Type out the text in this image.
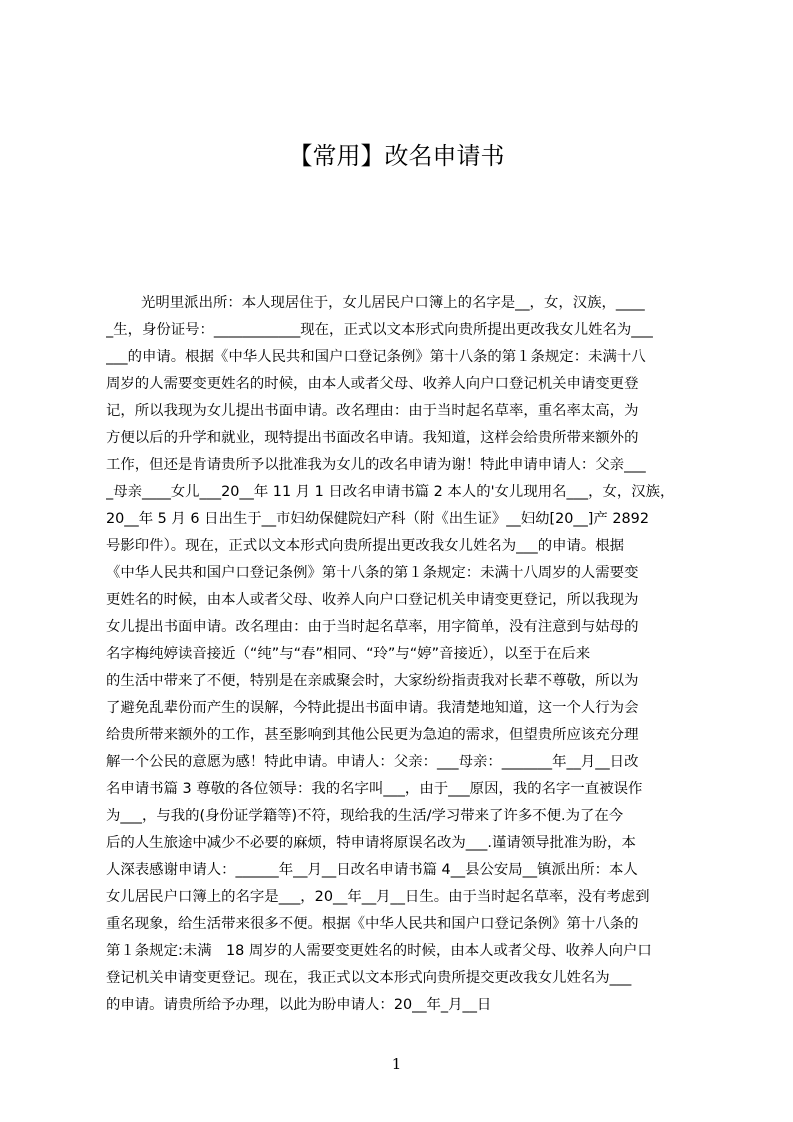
【常用】改名申请书
光明里派出所：本人现居住于，女儿居民户口簿上的名字是__，女，汉族，____
_生，身份证号：____________现在，正式以文本形式向贵所提出更改我女儿姓名为___
___的申请。根据《中华人民共和国户口登记条例》第十八条的第１条规定：未满十八
周岁的人需要变更姓名的时候，由本人或者父母、收养人向户口登记机关申请变更登
记，所以我现为女儿提出书面申请。改名理由：由于当时起名草率，重名率太高，为
方便以后的升学和就业，现特提出书面改名申请。我知道，这样会给贵所带来额外的
工作，但还是肯请贵所予以批准我为女儿的改名申请为谢！特此申请申请人：父亲___
_母亲____女儿___20__年 11 月 1 日改名申请书篇 2 本人的'女儿现用名___，女，汉族，
20__年 5 月 6 日出生于__市妇幼保健院妇产科（附《出生证》__妇幼[20__]产 2892
号影印件）。现在，正式以文本形式向贵所提出更改我女儿姓名为___的申请。根据
《中华人民共和国户口登记条例》第十八条的第１条规定：未满十八周岁的人需要变
更姓名的时候，由本人或者父母、收养人向户口登记机关申请变更登记，所以我现为
女儿提出书面申请。改名理由：由于当时起名草率，用字简单，没有注意到与姑母的
名字梅纯婷读音接近（“纯”与“春”相同、“玲”与“婷”音接近），以至于在后来
的生活中带来了不便，特别是在亲戚聚会时，大家纷纷指责我对长辈不尊敬，所以为
了避免乱辈份而产生的误解，今特此提出书面申请。我清楚地知道，这一个人行为会
给贵所带来额外的工作，甚至影响到其他公民更为急迫的需求，但望贵所应该充分理
解一个公民的意愿为感！特此申请。申请人：父亲：___母亲：_______年__月__日改
名申请书篇 3 尊敬的各位领导：我的名字叫___，由于___原因，我的名字一直被误作
为___，与我的(身份证学籍等)不符，现给我的生活/学习带来了许多不便.为了在今
后的人生旅途中减少不必要的麻烦，特申请将原误名改为___.谨请领导批准为盼，本
人深表感谢申请人：______年__月__日改名申请书篇 4__县公安局__镇派出所：本人
女儿居民户口簿上的名字是___，20__年__月__日生。由于当时起名草率，没有考虑到
重名现象，给生活带来很多不便。根据《中华人民共和国户口登记条例》第十八条的
第１条规定:未满　18 周岁的人需要变更姓名的时候，由本人或者父母、收养人向户口
登记机关申请变更登记。现在，我正式以文本形式向贵所提交更改我女儿姓名为___
的申请。请贵所给予办理，以此为盼申请人：20__年_月__日
1
